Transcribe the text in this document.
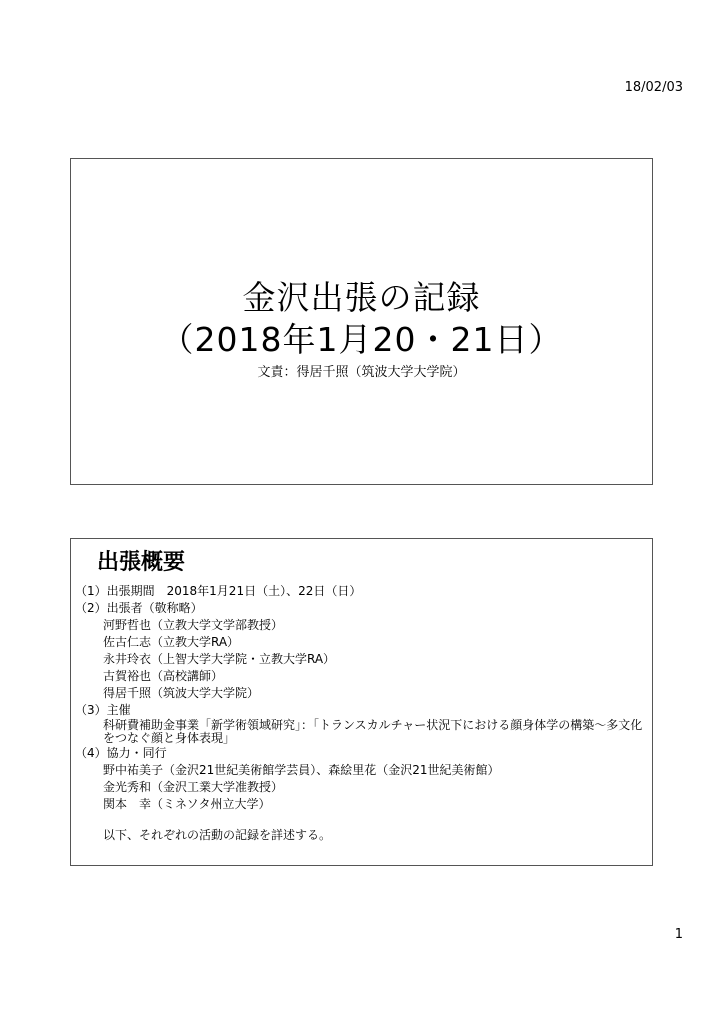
18/02/03
金沢出張の記録
（2018年1月20・21日）
文責：得居千照（筑波大学大学院）
出張概要
（1）出張期間　2018年1月21日（土）、22日（日）
（2）出張者（敬称略）
河野哲也（立教大学文学部教授）
佐古仁志（立教大学RA）
永井玲衣（上智大学大学院・立教大学RA）
古賀裕也（高校講師）
得居千照（筑波大学大学院）
（3）主催
科研費補助金事業「新学術領域研究」：「トランスカルチャー状況下における顔身体学の構築～多文化をつなぐ顔と身体表現」
（4）協力・同行
野中祐美子（金沢21世紀美術館学芸員）、森絵里花（金沢21世紀美術館）
金光秀和（金沢工業大学准教授）
関本　幸（ミネソタ州立大学）
以下、それぞれの活動の記録を詳述する。
1
